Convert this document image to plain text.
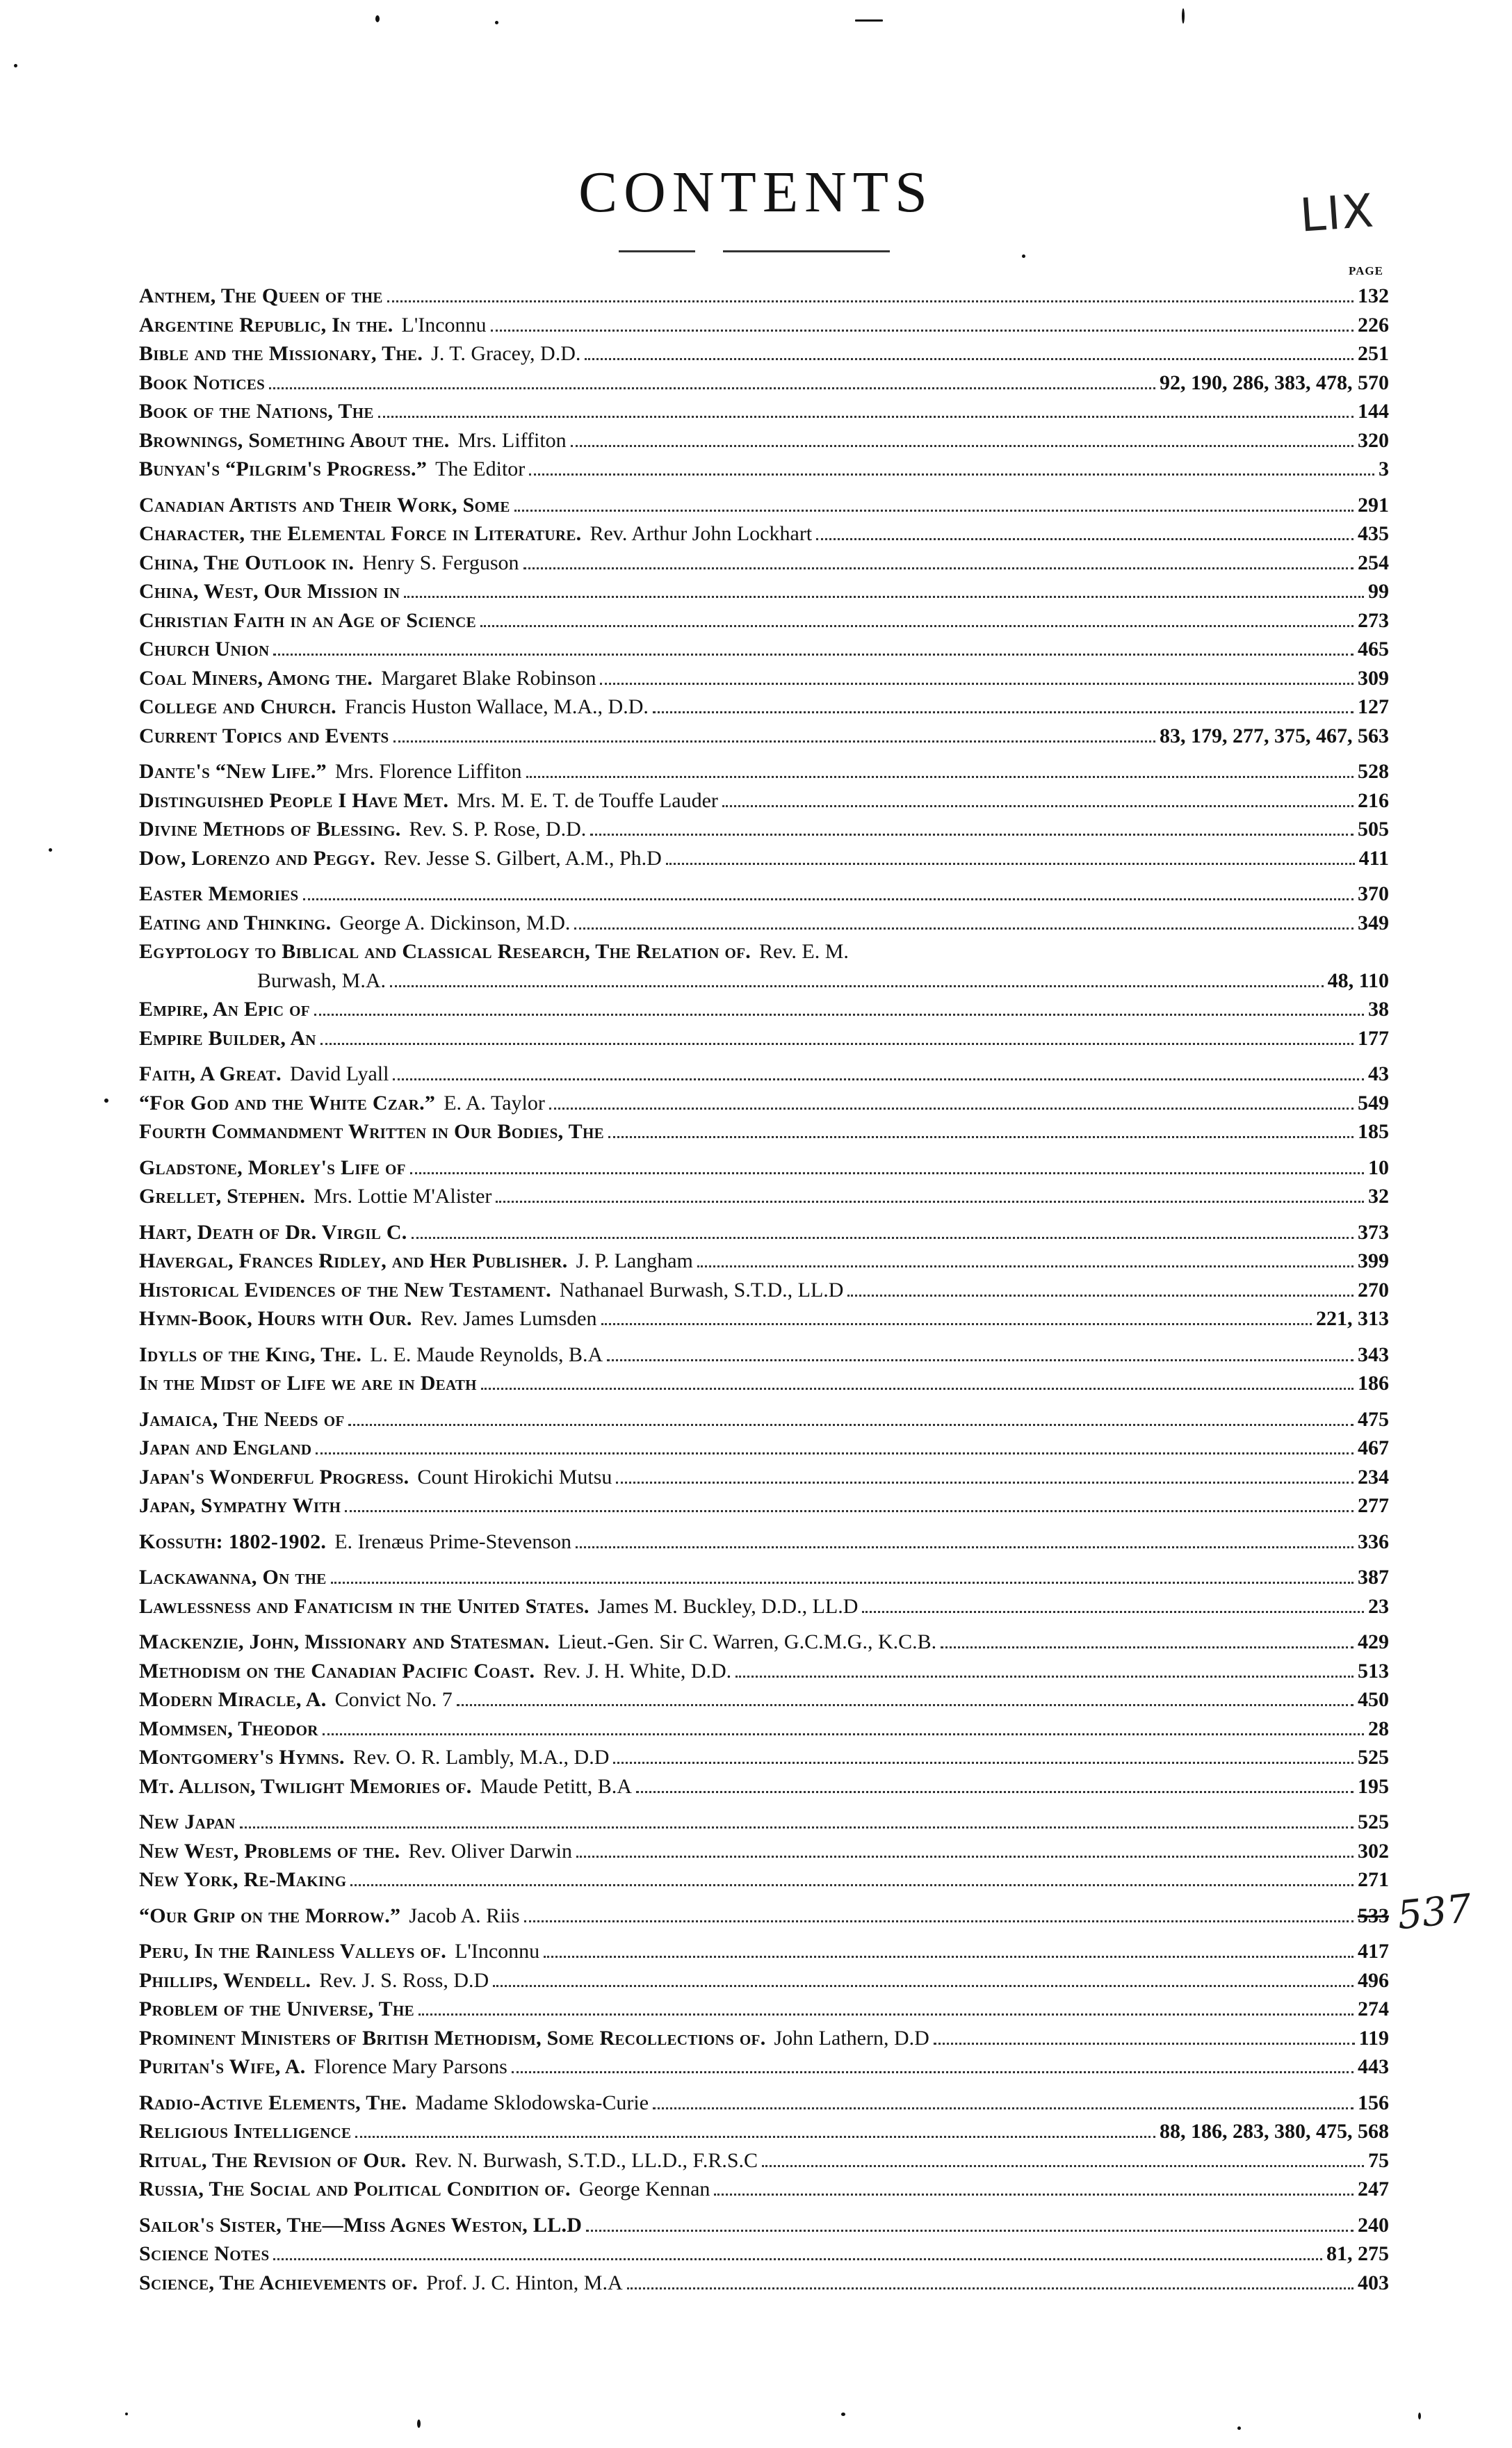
CONTENTS	LIX
PAGE
Anthem, The Queen of the	132
Argentine Republic, In the. L'Inconnu	226
Bible and the Missionary, The. J. T. Gracey, D.D.	251
Book Notices	92, 190, 286, 383, 478, 570
Book of the Nations, The	144
Brownings, Something About the. Mrs. Liffiton	320
Bunyan's “Pilgrim's Progress.” The Editor	3
Canadian Artists and Their Work, Some	291
Character, the Elemental Force in Literature. Rev. Arthur John Lockhart	435
China, The Outlook in. Henry S. Ferguson	254
China, West, Our Mission in	99
Christian Faith in an Age of Science	273
Church Union	465
Coal Miners, Among the. Margaret Blake Robinson	309
College and Church. Francis Huston Wallace, M.A., D.D.	127
Current Topics and Events	83, 179, 277, 375, 467, 563
Dante's “New Life.” Mrs. Florence Liffiton	528
Distinguished People I Have Met. Mrs. M. E. T. de Touffe Lauder	216
Divine Methods of Blessing. Rev. S. P. Rose, D.D.	505
Dow, Lorenzo and Peggy. Rev. Jesse S. Gilbert, A.M., Ph.D	411
Easter Memories	370
Eating and Thinking. George A. Dickinson, M.D.	349
Egyptology to Biblical and Classical Research, The Relation of. Rev. E. M.
Burwash, M.A.	48, 110
Empire, An Epic of	38
Empire Builder, An	177
Faith, A Great. David Lyall	43
“For God and the White Czar.” E. A. Taylor	549
Fourth Commandment Written in Our Bodies, The	185
Gladstone, Morley's Life of	10
Grellet, Stephen. Mrs. Lottie M'Alister	32
Hart, Death of Dr. Virgil C.	373
Havergal, Frances Ridley, and Her Publisher. J. P. Langham	399
Historical Evidences of the New Testament. Nathanael Burwash, S.T.D., LL.D	270
Hymn-Book, Hours with Our. Rev. James Lumsden	221, 313
Idylls of the King, The. L. E. Maude Reynolds, B.A	343
In the Midst of Life we are in Death	186
Jamaica, The Needs of	475
Japan and England	467
Japan's Wonderful Progress. Count Hirokichi Mutsu	234
Japan, Sympathy With	277
Kossuth: 1802-1902. E. Irenæus Prime-Stevenson	336
Lackawanna, On the	387
Lawlessness and Fanaticism in the United States. James M. Buckley, D.D., LL.D	23
Mackenzie, John, Missionary and Statesman. Lieut.-Gen. Sir C. Warren, G.C.M.G., K.C.B.	429
Methodism on the Canadian Pacific Coast. Rev. J. H. White, D.D.	513
Modern Miracle, A. Convict No. 7	450
Mommsen, Theodor	28
Montgomery's Hymns. Rev. O. R. Lambly, M.A., D.D	525
Mt. Allison, Twilight Memories of. Maude Petitt, B.A	195
New Japan	525
New West, Problems of the. Rev. Oliver Darwin	302
New York, Re-Making	271
“Our Grip on the Morrow.” Jacob A. Riis	533
Peru, In the Rainless Valleys of. L'Inconnu	417
Phillips, Wendell. Rev. J. S. Ross, D.D	496
Problem of the Universe, The	274
Prominent Ministers of British Methodism, Some Recollections of. John Lathern, D.D	119
Puritan's Wife, A. Florence Mary Parsons	443
Radio-Active Elements, The. Madame Sklodowska-Curie	156
Religious Intelligence	88, 186, 283, 380, 475, 568
Ritual, The Revision of Our. Rev. N. Burwash, S.T.D., LL.D., F.R.S.C	75
Russia, The Social and Political Condition of. George Kennan	247
Sailor's Sister, The—Miss Agnes Weston, LL.D	240
Science Notes	81, 275
Science, The Achievements of. Prof. J. C. Hinton, M.A	403
537
